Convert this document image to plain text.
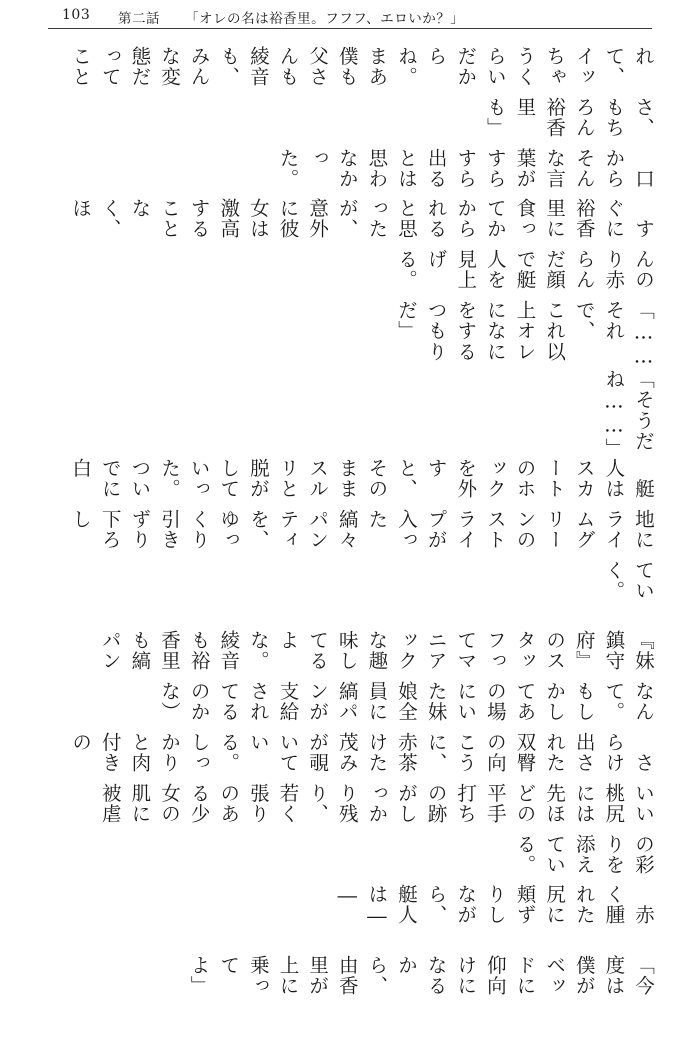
103 第二話 「オレの名は裕香里。フフフ、エロいか？」
れて、イッちゃうくらいだからね。　まあ僕も父さんも綾音も、　みんな変態だってこと
さ、もちろん裕香里も」
　口からそんな言葉がすらすら出るとは思わなかった。
　すぐに裕香里に食ってかかられると思ったが、　意外に彼女は激高することなく、　ほ
んのり赤らんだ顔で艇人を見上げる。
「……それで、　これ以上オレになにをするつもりだ」
「そうだね……」
　艇人はスカートのホックを外すと、　そのままスルリと脱がしていった。　ついでに白
地にライムグリーンのストライプが入った縞々パンティを、　ゆっくり引きずり下ろし
ていく。
『妹鎮守府』のスタッフってマニアックな趣味してるよな。　綾音も裕香里も縞パン
なんて。　もしかしてあの場にいた妹娘全員に縞パンが支給されてるのかな）
　さらけ出された双臀の向こうに、　赤茶けた茂みが覗いている。　しっかりと肉付きの
いい桃尻には先ほどの平手打ちの跡がしっかり残り、　若く張りのある少女の肌に被虐
の彩りを添えている。
　赤く腫れた尻に頬ずりしながら、　艇人は――
「今度は僕がベッドに仰向けになるから、　由香里が上に乗ってよ」
